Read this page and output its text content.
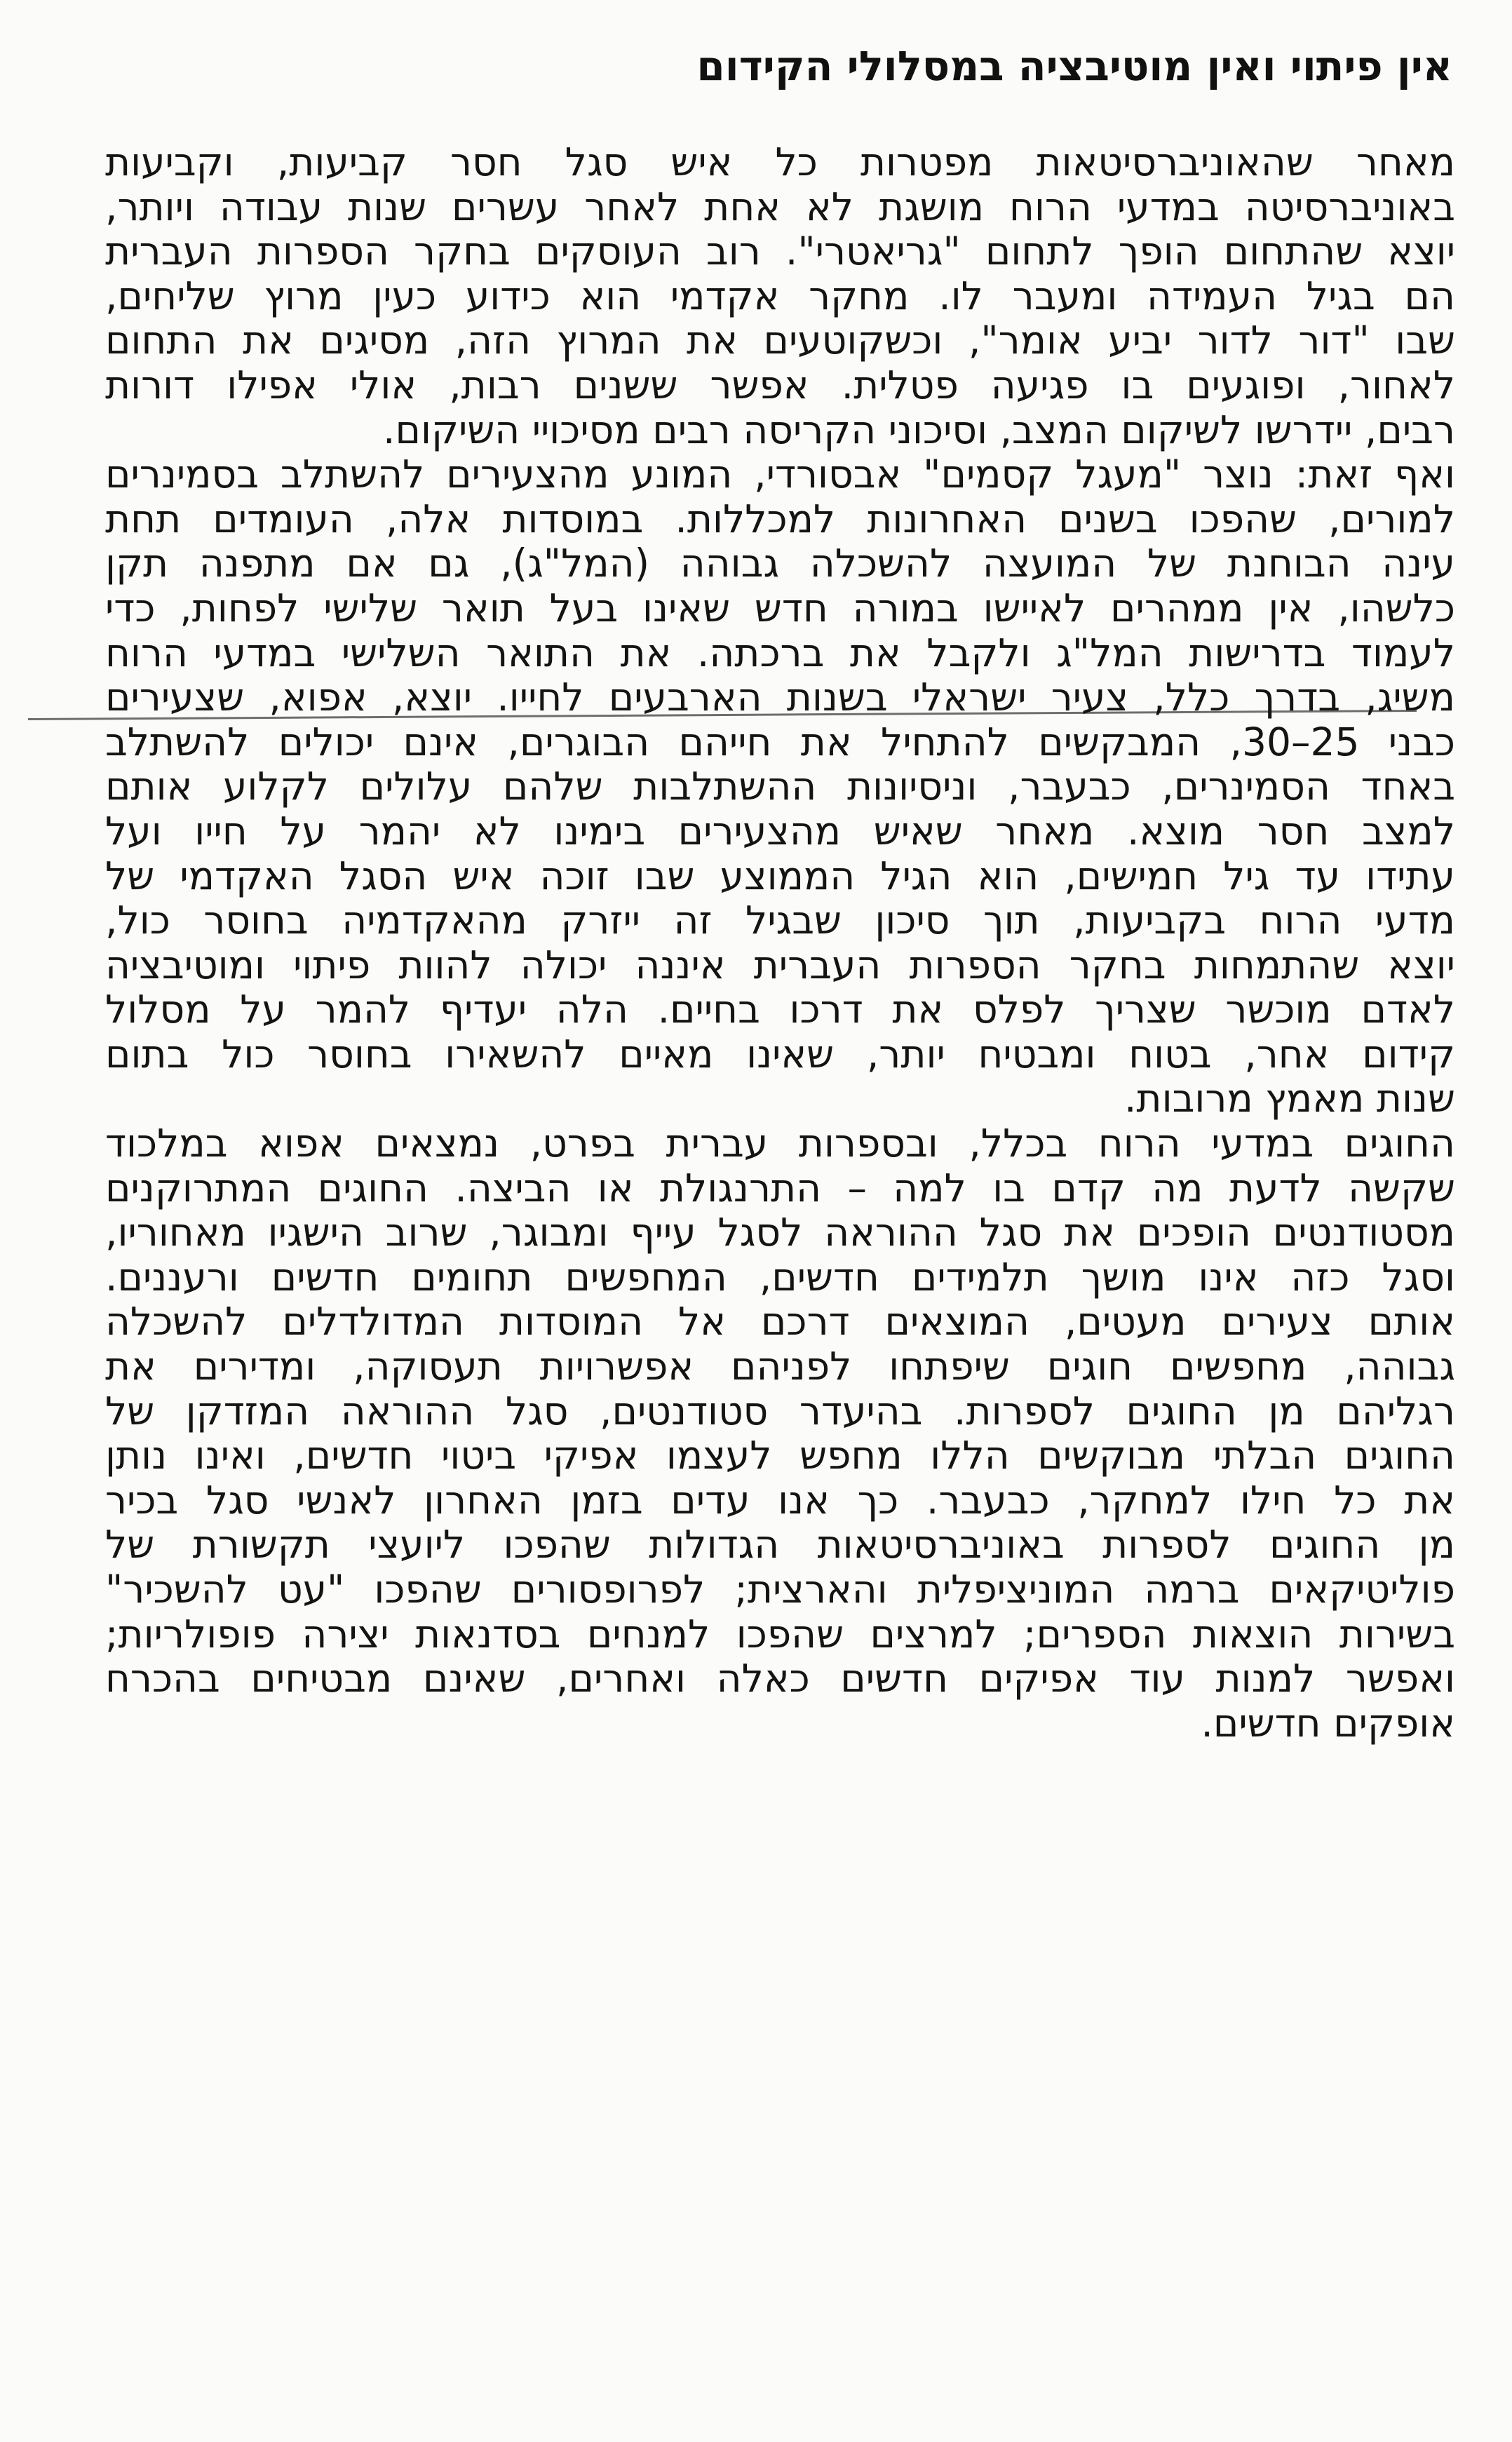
אין פיתוי ואין מוטיבציה במסלולי הקידום
מאחר שהאוניברסיטאות מפטרות כל איש סגל חסר קביעות, וקביעות
באוניברסיטה במדעי הרוח מושגת לא אחת לאחר עשרים שנות עבודה ויותר,
יוצא שהתחום הופך לתחום "גריאטרי". רוב העוסקים בחקר הספרות העברית
הם בגיל העמידה ומעבר לו. מחקר אקדמי הוא כידוע כעין מרוץ שליחים,
שבו "דור לדור יביע אומר", וכשקוטעים את המרוץ הזה, מסיגים את התחום
לאחור, ופוגעים בו פגיעה פטלית. אפשר ששנים רבות, אולי אפילו דורות
רבים, יידרשו לשיקום המצב, וסיכוני הקריסה רבים מסיכויי השיקום.
ואף זאת: נוצר "מעגל קסמים" אבסורדי, המונע מהצעירים להשתלב בסמינרים
למורים, שהפכו בשנים האחרונות למכללות. במוסדות אלה, העומדים תחת
עינה הבוחנת של המועצה להשכלה גבוהה (המל"ג), גם אם מתפנה תקן
כלשהו, אין ממהרים לאיישו במורה חדש שאינו בעל תואר שלישי לפחות, כדי
לעמוד בדרישות המל"ג ולקבל את ברכתה. את התואר השלישי במדעי הרוח
משיג, בדרך כלל, צעיר ישראלי בשנות הארבעים לחייו. יוצא, אפוא, שצעירים
כבני 25–30, המבקשים להתחיל את חייהם הבוגרים, אינם יכולים להשתלב
באחד הסמינרים, כבעבר, וניסיונות ההשתלבות שלהם עלולים לקלוע אותם
למצב חסר מוצא. מאחר שאיש מהצעירים בימינו לא יהמר על חייו ועל
עתידו עד גיל חמישים, הוא הגיל הממוצע שבו זוכה איש הסגל האקדמי של
מדעי הרוח בקביעות, תוך סיכון שבגיל זה ייזרק מהאקדמיה בחוסר כול,
יוצא שהתמחות בחקר הספרות העברית איננה יכולה להוות פיתוי ומוטיבציה
לאדם מוכשר שצריך לפלס את דרכו בחיים. הלה יעדיף להמר על מסלול
קידום אחר, בטוח ומבטיח יותר, שאינו מאיים להשאירו בחוסר כול בתום
שנות מאמץ מרובות.
החוגים במדעי הרוח בכלל, ובספרות עברית בפרט, נמצאים אפוא במלכוד
שקשה לדעת מה קדם בו למה – התרנגולת או הביצה. החוגים המתרוקנים
מסטודנטים הופכים את סגל ההוראה לסגל עייף ומבוגר, שרוב הישגיו מאחוריו,
וסגל כזה אינו מושך תלמידים חדשים, המחפשים תחומים חדשים ורעננים.
אותם צעירים מעטים, המוצאים דרכם אל המוסדות המדולדלים להשכלה
גבוהה, מחפשים חוגים שיפתחו לפניהם אפשרויות תעסוקה, ומדירים את
רגליהם מן החוגים לספרות. בהיעדר סטודנטים, סגל ההוראה המזדקן של
החוגים הבלתי מבוקשים הללו מחפש לעצמו אפיקי ביטוי חדשים, ואינו נותן
את כל חילו למחקר, כבעבר. כך אנו עדים בזמן האחרון לאנשי סגל בכיר
מן החוגים לספרות באוניברסיטאות הגדולות שהפכו ליועצי תקשורת של
פוליטיקאים ברמה המוניציפלית והארצית; לפרופסורים שהפכו "עט להשכיר"
בשירות הוצאות הספרים; למרצים שהפכו למנחים בסדנאות יצירה פופולריות;
ואפשר למנות עוד אפיקים חדשים כאלה ואחרים, שאינם מבטיחים בהכרח
אופקים חדשים.
